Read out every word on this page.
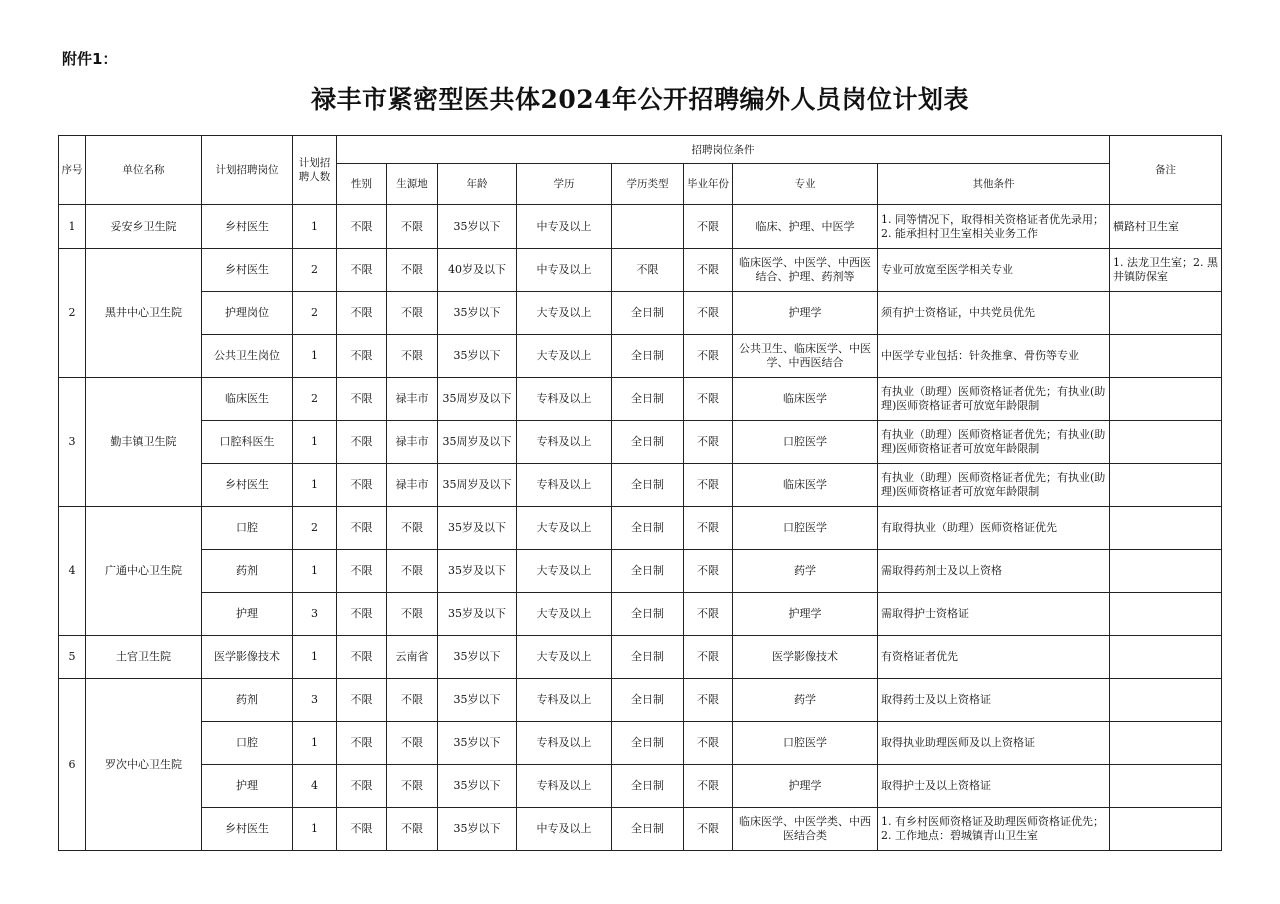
附件1：
禄丰市紧密型医共体2024年公开招聘编外人员岗位计划表
序号	单位名称	计划招聘岗位	计划招聘人数	招聘岗位条件								备注
				性别	生源地	年龄	学历	学历类型	毕业年份	专业	其他条件	
1	妥安乡卫生院	乡村医生	1	不限	不限	35岁以下	中专及以上		不限	临床、护理、中医学	1. 同等情况下，取得相关资格证者优先录用；2. 能承担村卫生室相关业务工作	横路村卫生室
2	黑井中心卫生院	乡村医生	2	不限	不限	40岁及以下	中专及以上	不限	不限	临床医学、中医学、中西医结合、护理、药剂等	专业可放宽至医学相关专业	1. 法龙卫生室；2. 黑井镇防保室
		护理岗位	2	不限	不限	35岁以下	大专及以上	全日制	不限	护理学	须有护士资格证，中共党员优先	
		公共卫生岗位	1	不限	不限	35岁以下	大专及以上	全日制	不限	公共卫生、临床医学、中医学、中西医结合	中医学专业包括：针灸推拿、骨伤等专业	
3	勤丰镇卫生院	临床医生	2	不限	禄丰市	35周岁及以下	专科及以上	全日制	不限	临床医学	有执业（助理）医师资格证者优先；有执业(助理)医师资格证者可放宽年龄限制	
		口腔科医生	1	不限	禄丰市	35周岁及以下	专科及以上	全日制	不限	口腔医学	有执业（助理）医师资格证者优先；有执业(助理)医师资格证者可放宽年龄限制	
		乡村医生	1	不限	禄丰市	35周岁及以下	专科及以上	全日制	不限	临床医学	有执业（助理）医师资格证者优先；有执业(助理)医师资格证者可放宽年龄限制	
4	广通中心卫生院	口腔	2	不限	不限	35岁及以下	大专及以上	全日制	不限	口腔医学	有取得执业（助理）医师资格证优先	
		药剂	1	不限	不限	35岁及以下	大专及以上	全日制	不限	药学	需取得药剂士及以上资格	
		护理	3	不限	不限	35岁及以下	大专及以上	全日制	不限	护理学	需取得护士资格证	
5	土官卫生院	医学影像技术	1	不限	云南省	35岁以下	大专及以上	全日制	不限	医学影像技术	有资格证者优先	
6	罗次中心卫生院	药剂	3	不限	不限	35岁以下	专科及以上	全日制	不限	药学	取得药士及以上资格证	
		口腔	1	不限	不限	35岁以下	专科及以上	全日制	不限	口腔医学	取得执业助理医师及以上资格证	
		护理	4	不限	不限	35岁以下	专科及以上	全日制	不限	护理学	取得护士及以上资格证	
		乡村医生	1	不限	不限	35岁以下	中专及以上	全日制	不限	临床医学、中医学类、中西医结合类	1. 有乡村医师资格证及助理医师资格证优先；2. 工作地点：碧城镇青山卫生室	
